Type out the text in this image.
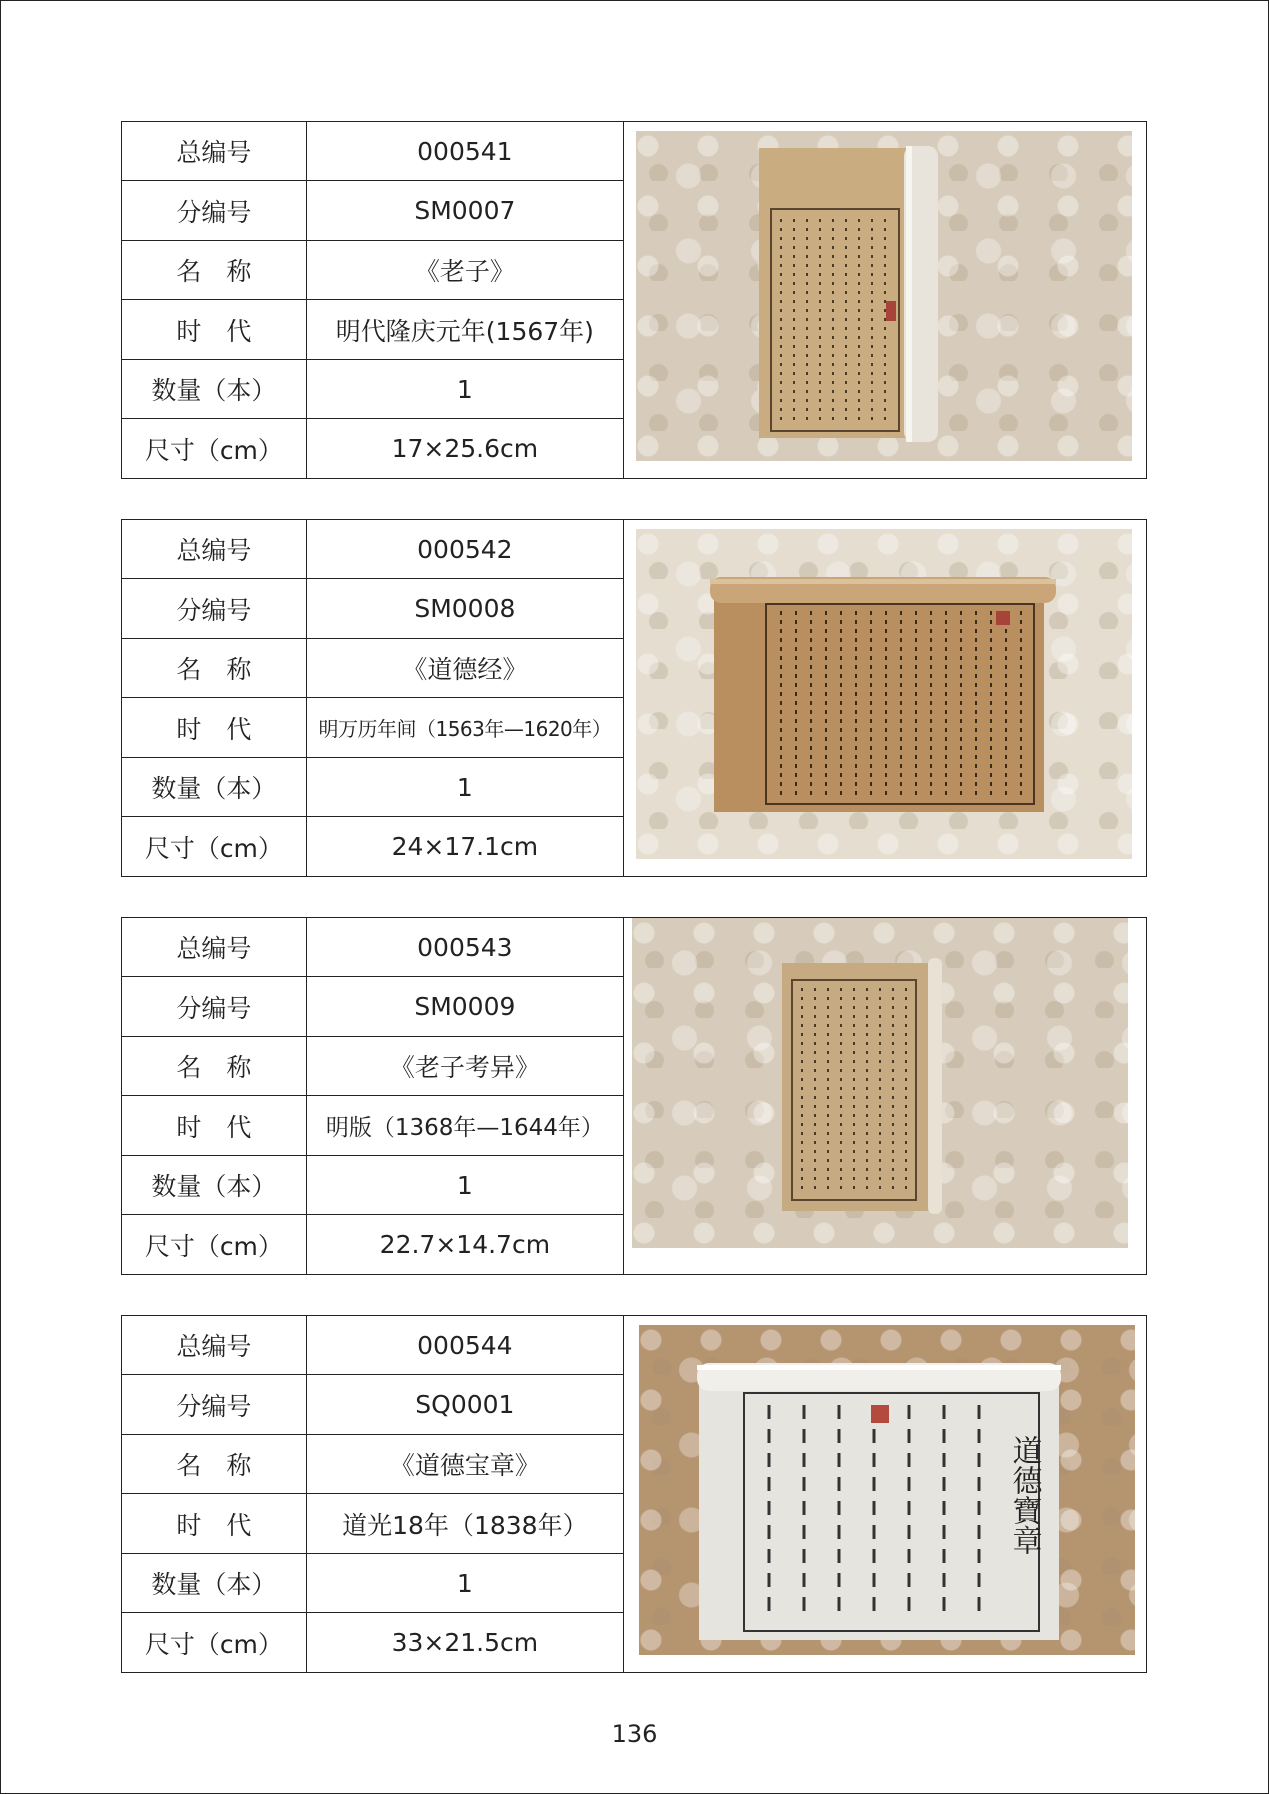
总编号	000541
分编号	SM0007
名　称	《老子》
时　代	明代隆庆元年(1567年)
数量（本）	1
尺寸（cm）	17×25.6cm
总编号	000542
分编号	SM0008
名　称	《道德经》
时　代	明万历年间（1563年—1620年）
数量（本）	1
尺寸（cm）	24×17.1cm
总编号	000543
分编号	SM0009
名　称	《老子考异》
时　代	明版（1368年—1644年）
数量（本）	1
尺寸（cm）	22.7×14.7cm
总编号	000544
分编号	SQ0001
名　称	《道德宝章》
时　代	道光18年（1838年）
数量（本）	1
尺寸（cm）	33×21.5cm
道德寶章
136
